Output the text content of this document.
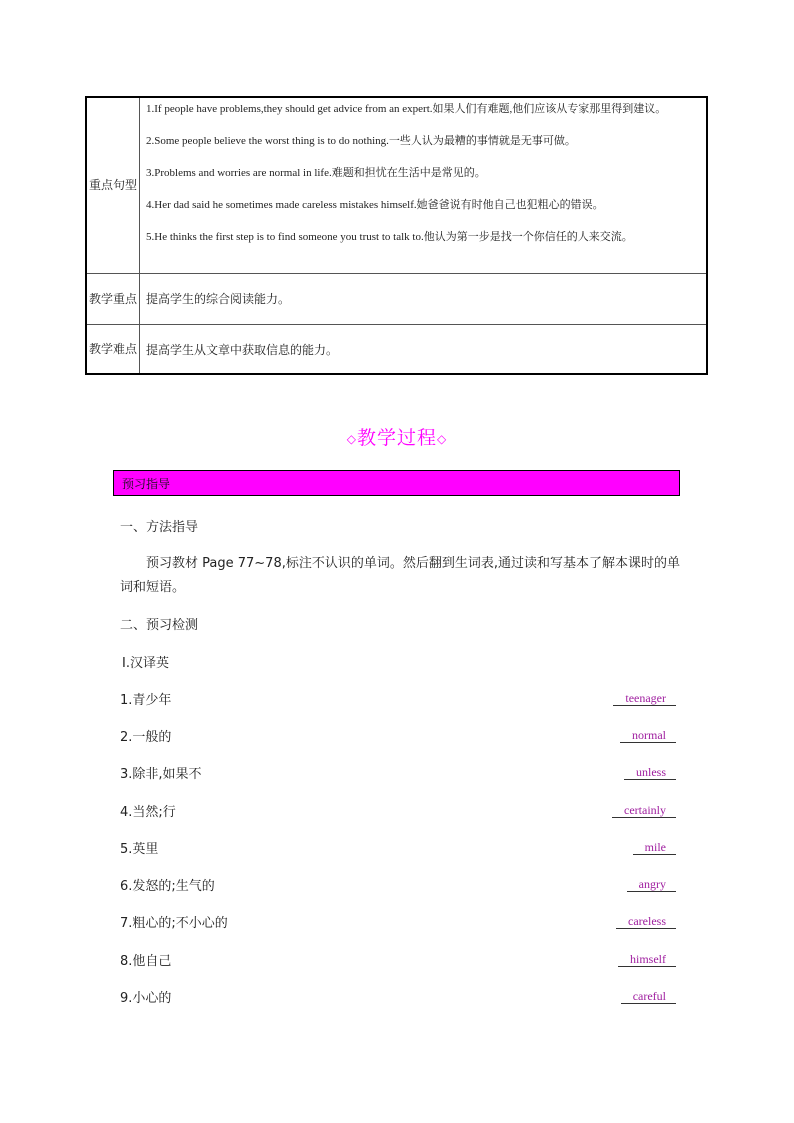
重点句型	1.If people have problems,they should get advice from an expert.如果人们有难题,他们应该从专家那里得到建议。
2.Some people believe the worst thing is to do nothing.一些人认为最糟的事情就是无事可做。
3.Problems and worries are normal in life.难题和担忧在生活中是常见的。
4.Her dad said he sometimes made careless mistakes himself.她爸爸说有时他自己也犯粗心的错误。
5.He thinks the first step is to find someone you trust to talk to.他认为第一步是找一个你信任的人来交流。

教学重点	提高学生的综合阅读能力。

教学难点	提高学生从文章中获取信息的能力。
◇教学过程◇
预习指导
一、方法指导
预习教材 Page 77~78,标注不认识的单词。然后翻到生词表,通过读和写基本了解本课时的单词和短语。
二、预习检测
Ⅰ.汉译英
1.青少年	teenager
2.一般的	normal
3.除非,如果不	unless
4.当然;行	certainly
5.英里	mile
6.发怒的;生气的	angry
7.粗心的;不小心的	careless
8.他自己	himself
9.小心的	careful
